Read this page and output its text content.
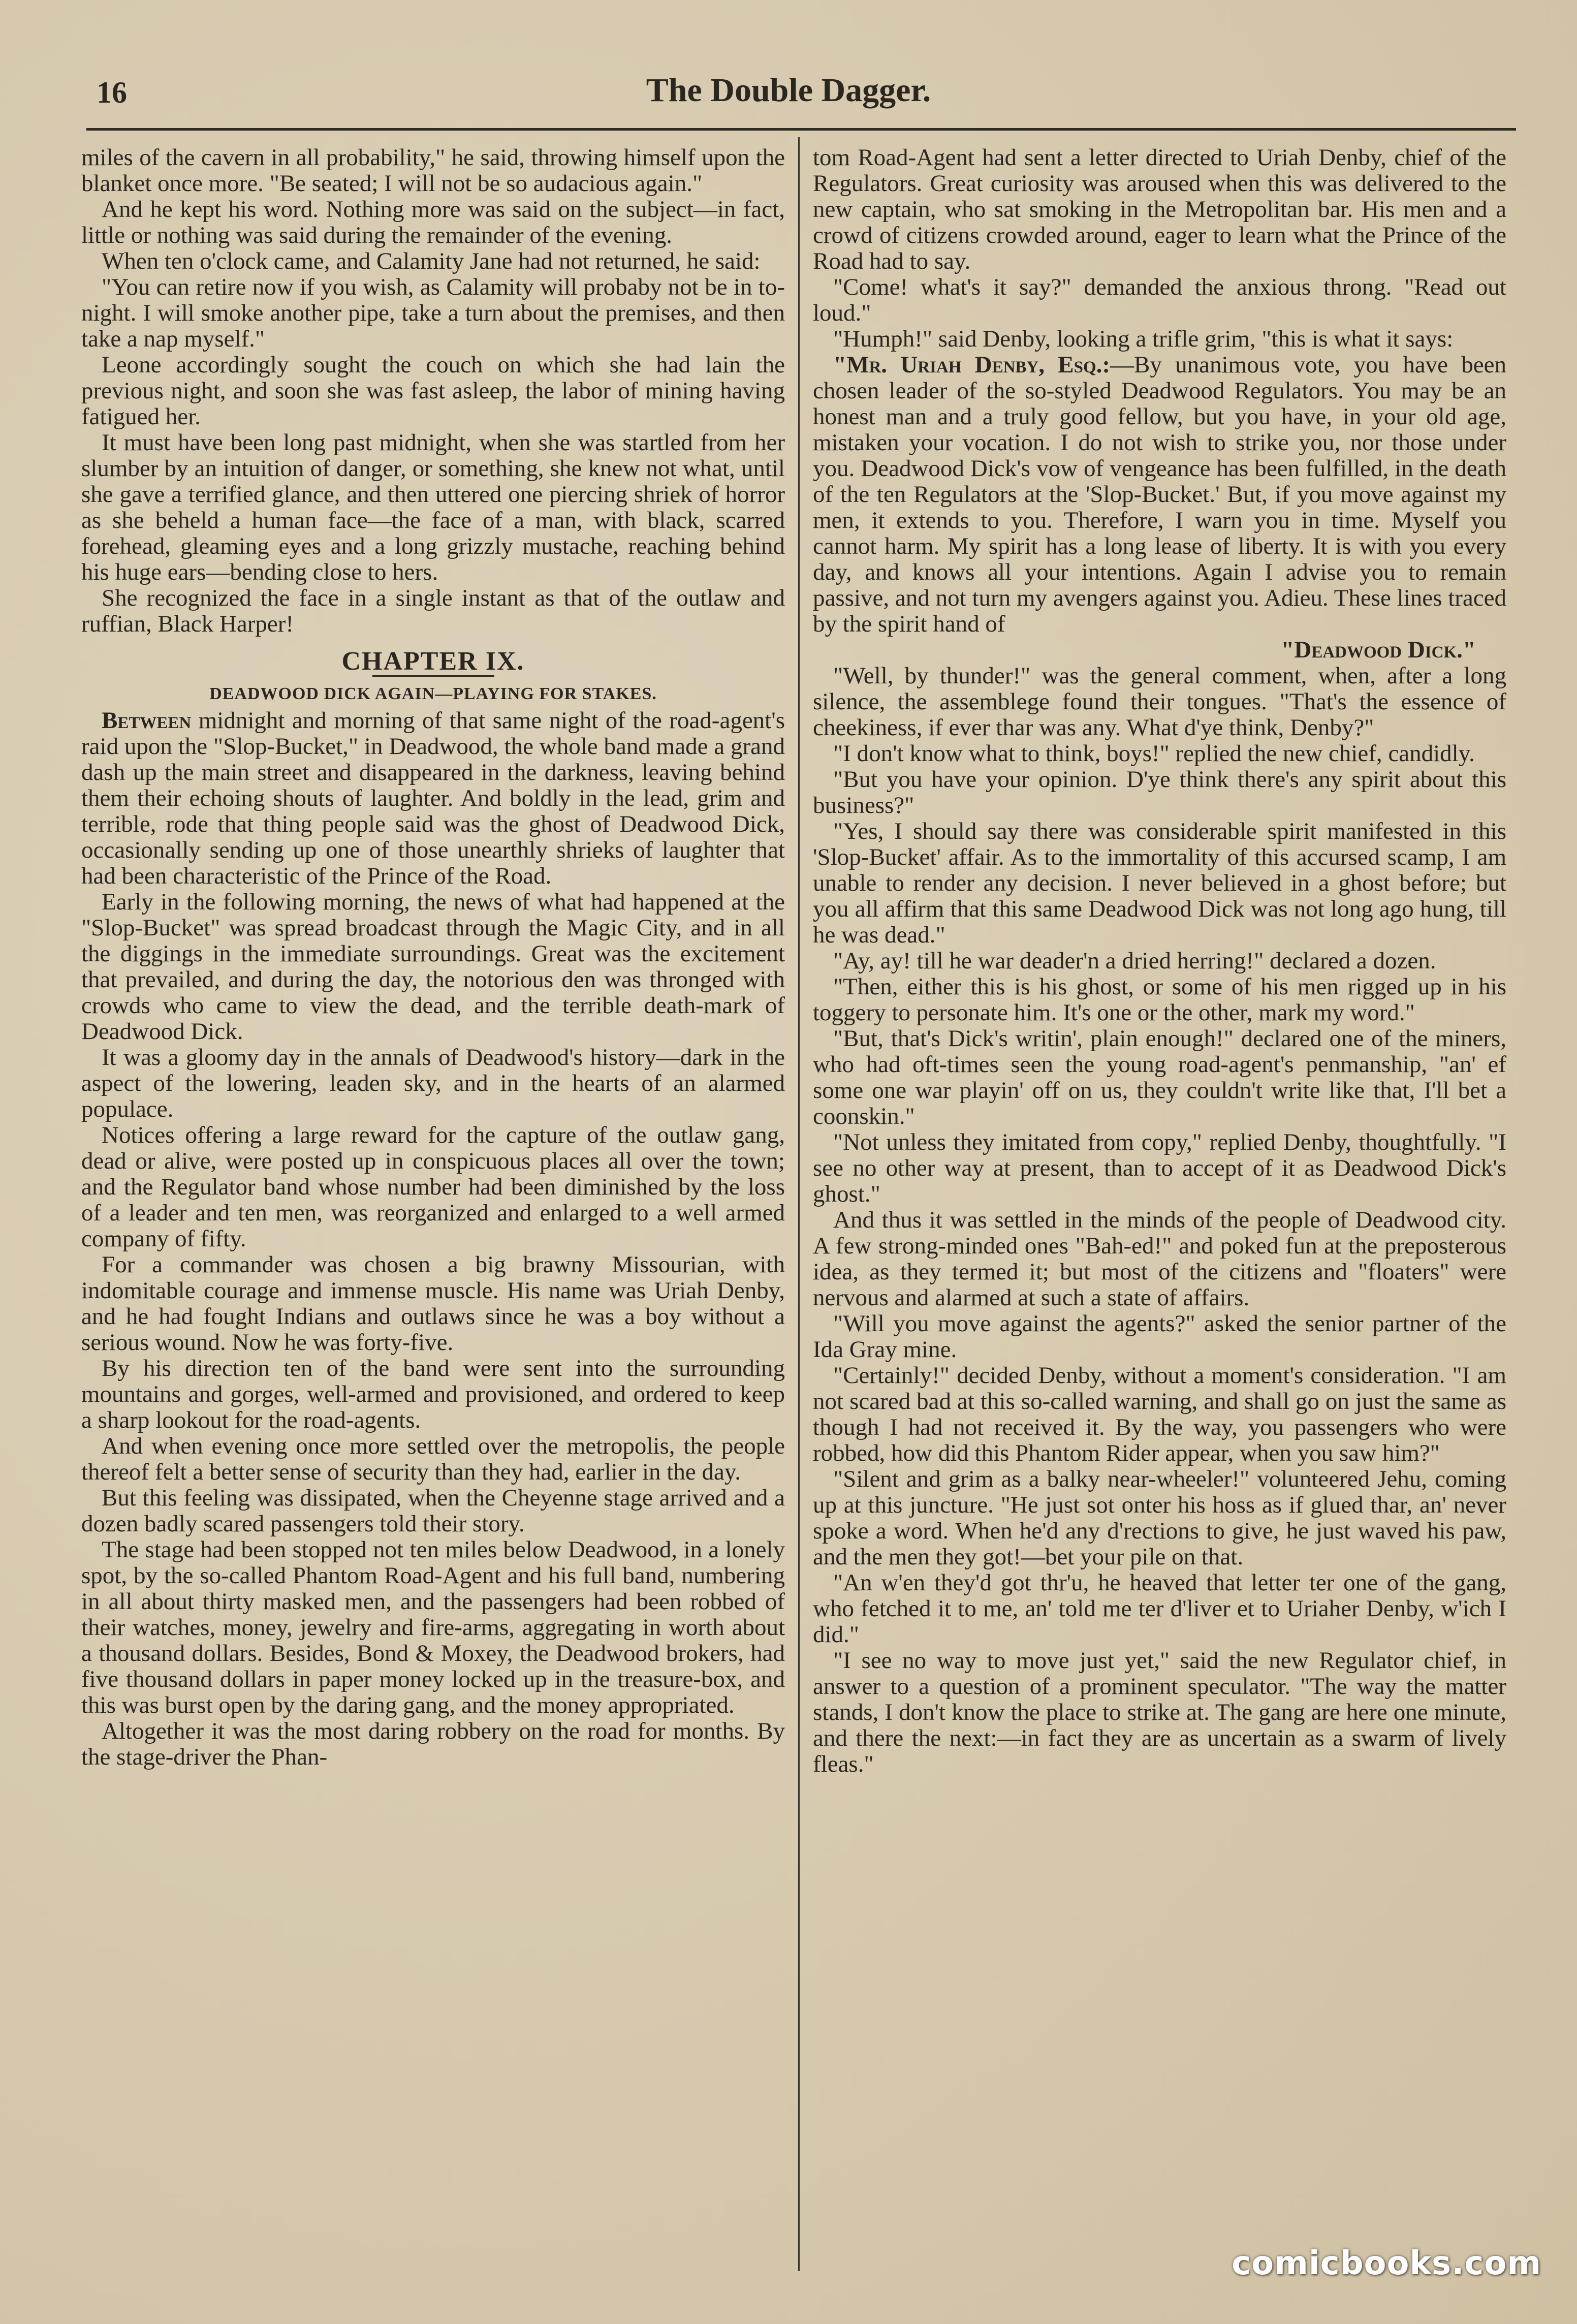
16	The Double Dagger.

miles of the cavern in all probability," he said, throwing himself upon the blanket once more. "Be seated; I will not be so audacious again."

And he kept his word. Nothing more was said on the subject—in fact, little or nothing was said during the remainder of the evening.

When ten o'clock came, and Calamity Jane had not returned, he said:

"You can retire now if you wish, as Calamity will probaby not be in to-night. I will smoke another pipe, take a turn about the premises, and then take a nap myself."

Leone accordingly sought the couch on which she had lain the previous night, and soon she was fast asleep, the labor of mining having fatigued her.

It must have been long past midnight, when she was startled from her slumber by an intuition of danger, or something, she knew not what, until she gave a terrified glance, and then uttered one piercing shriek of horror as she beheld a human face—the face of a man, with black, scarred forehead, gleaming eyes and a long grizzly mustache, reaching behind his huge ears—bending close to hers.

She recognized the face in a single instant as that of the outlaw and ruffian, Black Harper!

CHAPTER IX.

DEADWOOD DICK AGAIN—PLAYING FOR STAKES.

Between midnight and morning of that same night of the road-agent's raid upon the "Slop-Bucket," in Deadwood, the whole band made a grand dash up the main street and disappeared in the darkness, leaving behind them their echoing shouts of laughter. And boldly in the lead, grim and terrible, rode that thing people said was the ghost of Deadwood Dick, occasionally sending up one of those unearthly shrieks of laughter that had been characteristic of the Prince of the Road.

Early in the following morning, the news of what had happened at the "Slop-Bucket" was spread broadcast through the Magic City, and in all the diggings in the immediate surroundings. Great was the excitement that prevailed, and during the day, the notorious den was thronged with crowds who came to view the dead, and the terrible death-mark of Deadwood Dick.

It was a gloomy day in the annals of Deadwood's history—dark in the aspect of the lowering, leaden sky, and in the hearts of an alarmed populace.

Notices offering a large reward for the capture of the outlaw gang, dead or alive, were posted up in conspicuous places all over the town; and the Regulator band whose number had been diminished by the loss of a leader and ten men, was reorganized and enlarged to a well armed company of fifty.

For a commander was chosen a big brawny Missourian, with indomitable courage and immense muscle. His name was Uriah Denby, and he had fought Indians and outlaws since he was a boy without a serious wound. Now he was forty-five.

By his direction ten of the band were sent into the surrounding mountains and gorges, well-armed and provisioned, and ordered to keep a sharp lookout for the road-agents.

And when evening once more settled over the metropolis, the people thereof felt a better sense of security than they had, earlier in the day.

But this feeling was dissipated, when the Cheyenne stage arrived and a dozen badly scared passengers told their story.

The stage had been stopped not ten miles below Deadwood, in a lonely spot, by the so-called Phantom Road-Agent and his full band, numbering in all about thirty masked men, and the passengers had been robbed of their watches, money, jewelry and fire-arms, aggregating in worth about a thousand dollars. Besides, Bond & Moxey, the Deadwood brokers, had five thousand dollars in paper money locked up in the treasure-box, and this was burst open by the daring gang, and the money appropriated.

Altogether it was the most daring robbery on the road for months. By the stage-driver the Phan-

tom Road-Agent had sent a letter directed to Uriah Denby, chief of the Regulators. Great curiosity was aroused when this was delivered to the new captain, who sat smoking in the Metropolitan bar. His men and a crowd of citizens crowded around, eager to learn what the Prince of the Road had to say.

"Come! what's it say?" demanded the anxious throng. "Read out loud."

"Humph!" said Denby, looking a trifle grim, "this is what it says:

"Mr. Uriah Denby, Esq.:—By unanimous vote, you have been chosen leader of the so-styled Deadwood Regulators. You may be an honest man and a truly good fellow, but you have, in your old age, mistaken your vocation. I do not wish to strike you, nor those under you. Deadwood Dick's vow of vengeance has been fulfilled, in the death of the ten Regulators at the 'Slop-Bucket.' But, if you move against my men, it extends to you. Therefore, I warn you in time. Myself you cannot harm. My spirit has a long lease of liberty. It is with you every day, and knows all your intentions. Again I advise you to remain passive, and not turn my avengers against you. Adieu. These lines traced by the spirit hand of

"Deadwood Dick."

"Well, by thunder!" was the general comment, when, after a long silence, the assemblege found their tongues. "That's the essence of cheekiness, if ever thar was any. What d'ye think, Denby?"

"I don't know what to think, boys!" replied the new chief, candidly.

"But you have your opinion. D'ye think there's any spirit about this business?"

"Yes, I should say there was considerable spirit manifested in this 'Slop-Bucket' affair. As to the immortality of this accursed scamp, I am unable to render any decision. I never believed in a ghost before; but you all affirm that this same Deadwood Dick was not long ago hung, till he was dead."

"Ay, ay! till he war deader'n a dried herring!" declared a dozen.

"Then, either this is his ghost, or some of his men rigged up in his toggery to personate him. It's one or the other, mark my word."

"But, that's Dick's writin', plain enough!" declared one of the miners, who had oft-times seen the young road-agent's penmanship, "an' ef some one war playin' off on us, they couldn't write like that, I'll bet a coonskin."

"Not unless they imitated from copy," replied Denby, thoughtfully. "I see no other way at present, than to accept of it as Deadwood Dick's ghost."

And thus it was settled in the minds of the people of Deadwood city. A few strong-minded ones "Bah-ed!" and poked fun at the preposterous idea, as they termed it; but most of the citizens and "floaters" were nervous and alarmed at such a state of affairs.

"Will you move against the agents?" asked the senior partner of the Ida Gray mine.

"Certainly!" decided Denby, without a moment's consideration. "I am not scared bad at this so-called warning, and shall go on just the same as though I had not received it. By the way, you passengers who were robbed, how did this Phantom Rider appear, when you saw him?"

"Silent and grim as a balky near-wheeler!" volunteered Jehu, coming up at this juncture. "He just sot onter his hoss as if glued thar, an' never spoke a word. When he'd any d'rections to give, he just waved his paw, and the men they got!—bet your pile on that.

"An w'en they'd got thr'u, he heaved that letter ter one of the gang, who fetched it to me, an' told me ter d'liver et to Uriaher Denby, w'ich I did."

"I see no way to move just yet," said the new Regulator chief, in answer to a question of a prominent speculator. "The way the matter stands, I don't know the place to strike at. The gang are here one minute, and there the next:—in fact they are as uncertain as a swarm of lively fleas."

comicbooks.com
